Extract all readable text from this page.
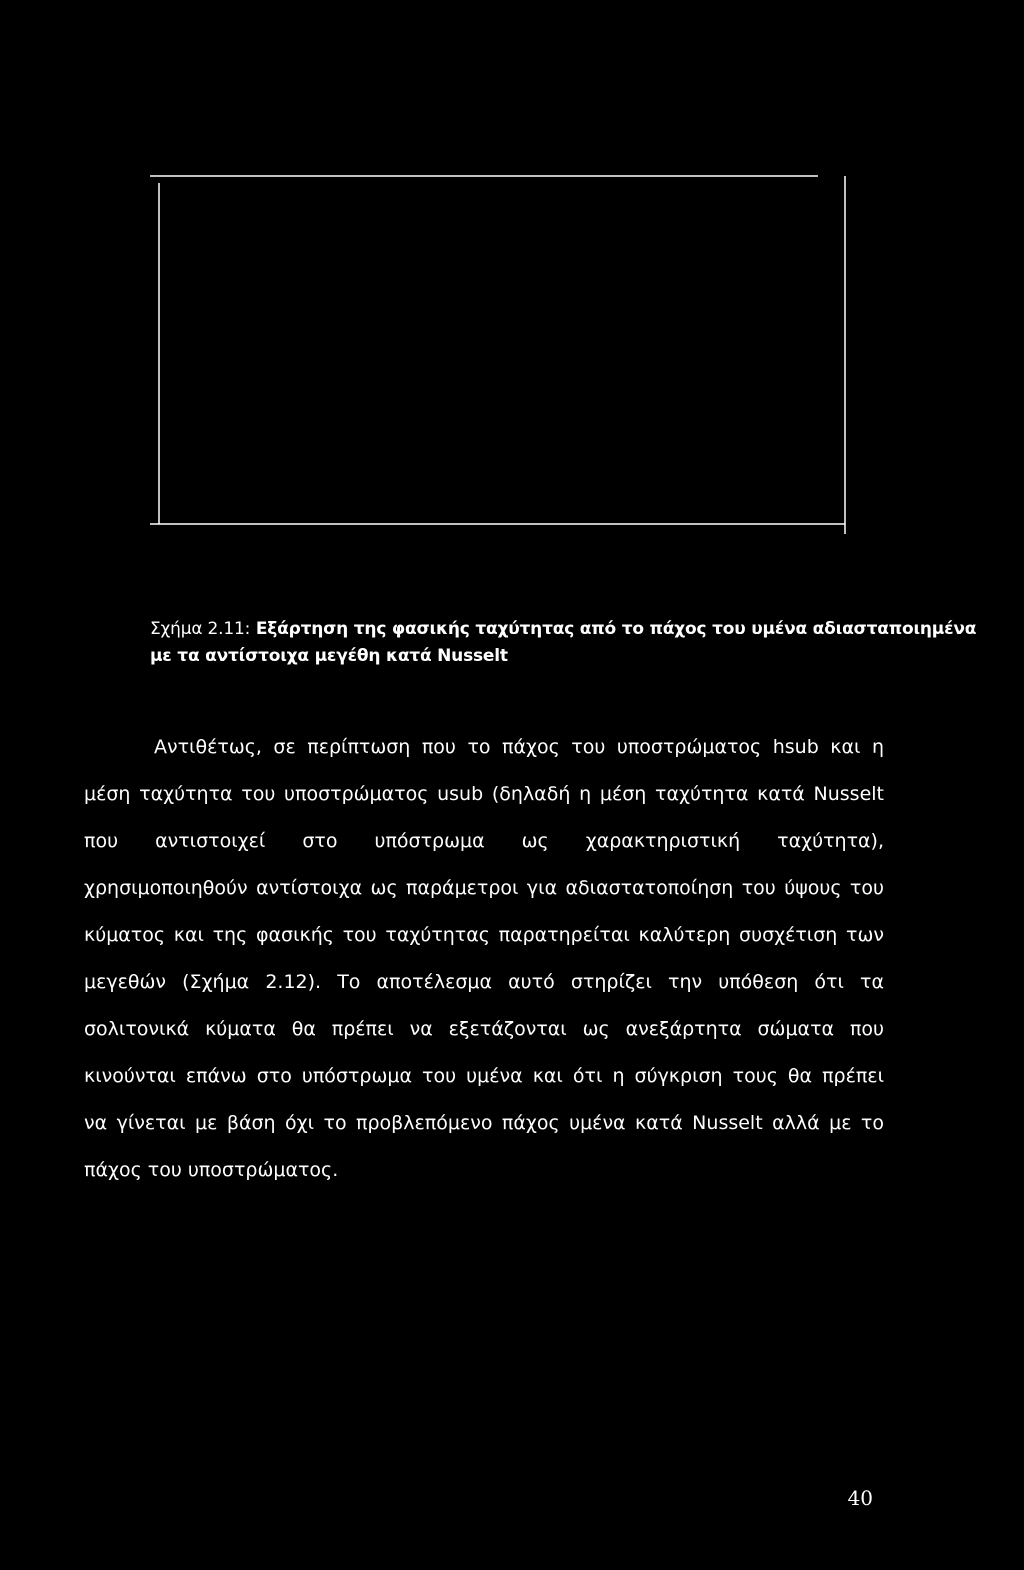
Σχήμα 2.11: Εξάρτηση της φασικής ταχύτητας από το πάχος του υμένα αδιασταποιημένα
με τα αντίστοιχα μεγέθη κατά Nusselt
Αντιθέτως, σε περίπτωση που το πάχος του υποστρώματος hsub και η
μέση ταχύτητα του υποστρώματος usub (δηλαδή η μέση ταχύτητα κατά Nusselt
που αντιστοιχεί στο υπόστρωμα ως χαρακτηριστική ταχύτητα),
χρησιμοποιηθούν αντίστοιχα ως παράμετροι για αδιαστατοποίηση του ύψους του
κύματος και της φασικής του ταχύτητας παρατηρείται καλύτερη συσχέτιση των
μεγεθών (Σχήμα 2.12). Το αποτέλεσμα αυτό στηρίζει την υπόθεση ότι τα
σολιτονικά κύματα θα πρέπει να εξετάζονται ως ανεξάρτητα σώματα που
κινούνται επάνω στο υπόστρωμα του υμένα και ότι η σύγκριση τους θα πρέπει
να γίνεται με βάση όχι το προβλεπόμενο πάχος υμένα κατά Nusselt αλλά με το
πάχος του υποστρώματος.
40
